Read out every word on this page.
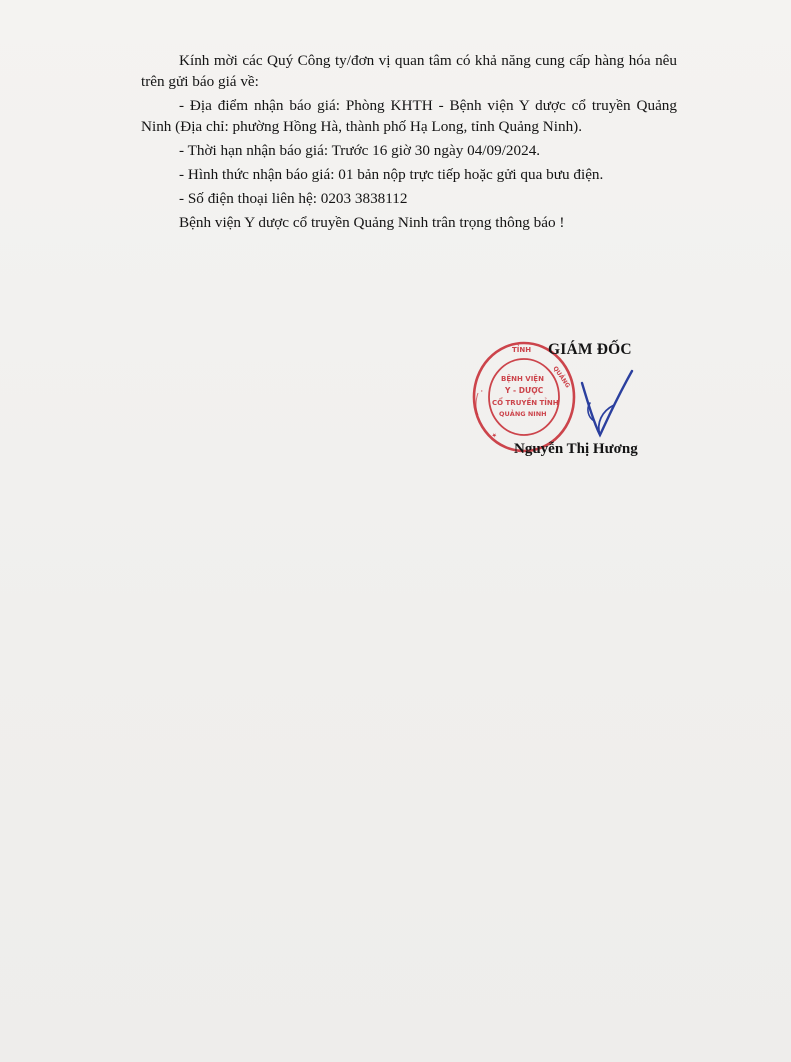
Kính mời các Quý Công ty/đơn vị quan tâm có khả năng cung cấp hàng hóa nêu trên gửi báo giá về:

- Địa điểm nhận báo giá: Phòng KHTH - Bệnh viện Y dược cổ truyền Quảng Ninh (Địa chỉ: phường Hồng Hà, thành phố Hạ Long, tỉnh Quảng Ninh).

- Thời hạn nhận báo giá: Trước 16 giờ 30 ngày 04/09/2024.

- Hình thức nhận báo giá: 01 bản nộp trực tiếp hoặc gửi qua bưu điện.

- Số điện thoại liên hệ: 0203 3838112

Bệnh viện Y dược cổ truyền Quảng Ninh trân trọng thông báo !

TỈNH
QUẢNG
·
★
BỆNH VIỆN
Y - DƯỢC
CỔ TRUYỀN TỈNH
QUẢNG NINH
GIÁM ĐỐC
Nguyễn Thị Hương
